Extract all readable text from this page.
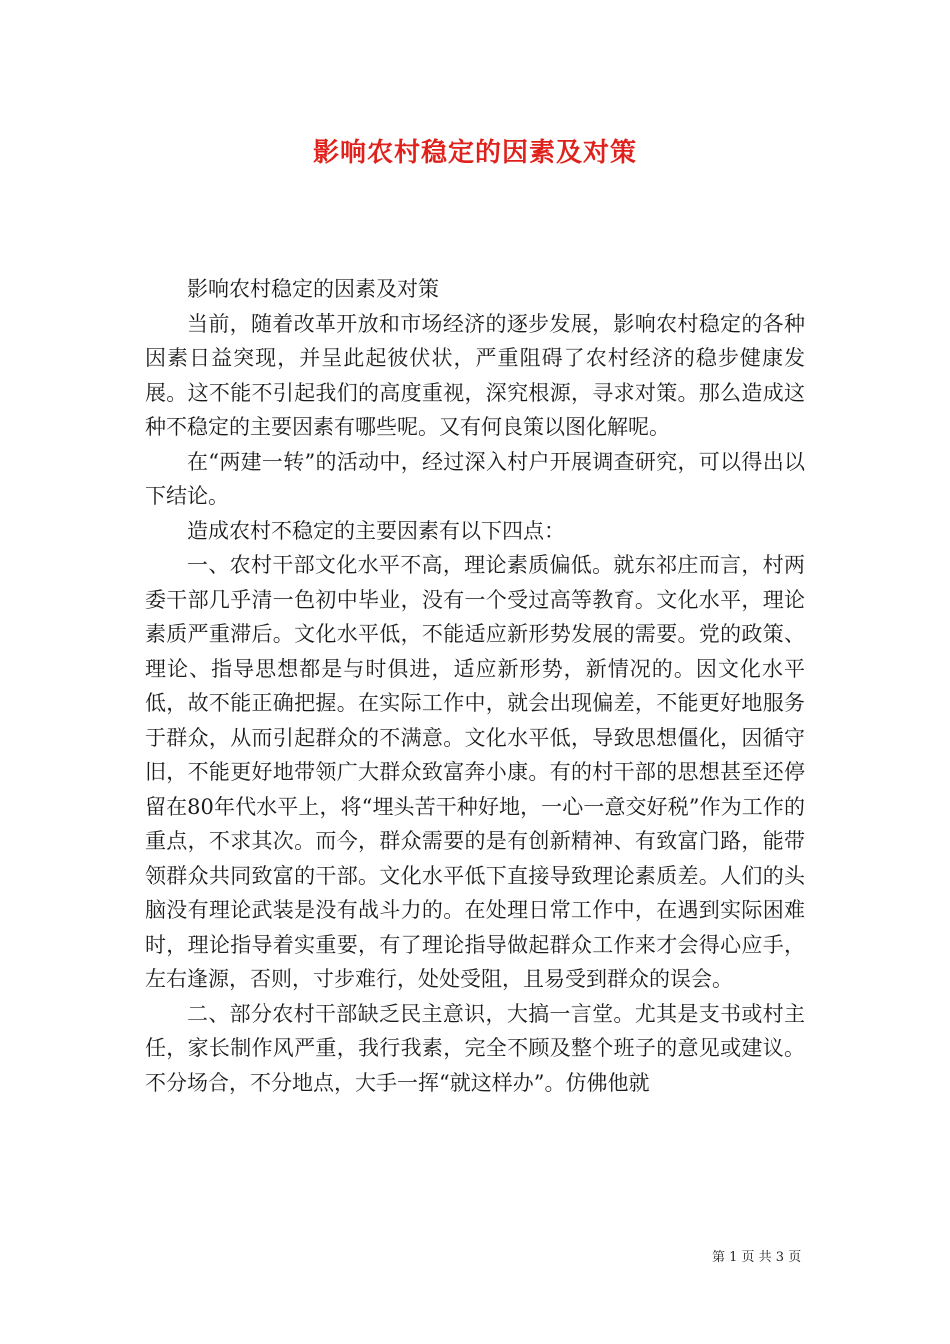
影响农村稳定的因素及对策

影响农村稳定的因素及对策

当前，随着改革开放和市场经济的逐步发展，影响农村稳定的各种因素日益突现，并呈此起彼伏状，严重阻碍了农村经济的稳步健康发展。这不能不引起我们的高度重视，深究根源，寻求对策。那么造成这种不稳定的主要因素有哪些呢。又有何良策以图化解呢。

在“两建一转”的活动中，经过深入村户开展调查研究，可以得出以下结论。

造成农村不稳定的主要因素有以下四点：

一、农村干部文化水平不高，理论素质偏低。就东祁庄而言，村两委干部几乎清一色初中毕业，没有一个受过高等教育。文化水平，理论素质严重滞后。文化水平低，不能适应新形势发展的需要。党的政策、理论、指导思想都是与时俱进，适应新形势，新情况的。因文化水平低，故不能正确把握。在实际工作中，就会出现偏差，不能更好地服务于群众，从而引起群众的不满意。文化水平低，导致思想僵化，因循守旧，不能更好地带领广大群众致富奔小康。有的村干部的思想甚至还停留在80年代水平上，将“埋头苦干种好地，一心一意交好税”作为工作的重点，不求其次。而今，群众需要的是有创新精神、有致富门路，能带领群众共同致富的干部。文化水平低下直接导致理论素质差。人们的头脑没有理论武装是没有战斗力的。在处理日常工作中，在遇到实际困难时，理论指导着实重要，有了理论指导做起群众工作来才会得心应手，左右逢源，否则，寸步难行，处处受阻，且易受到群众的误会。

二、部分农村干部缺乏民主意识，大搞一言堂。尤其是支书或村主任，家长制作风严重，我行我素，完全不顾及整个班子的意见或建议。不分场合，不分地点，大手一挥“就这样办”。仿佛他就

第 1 页 共 3 页
